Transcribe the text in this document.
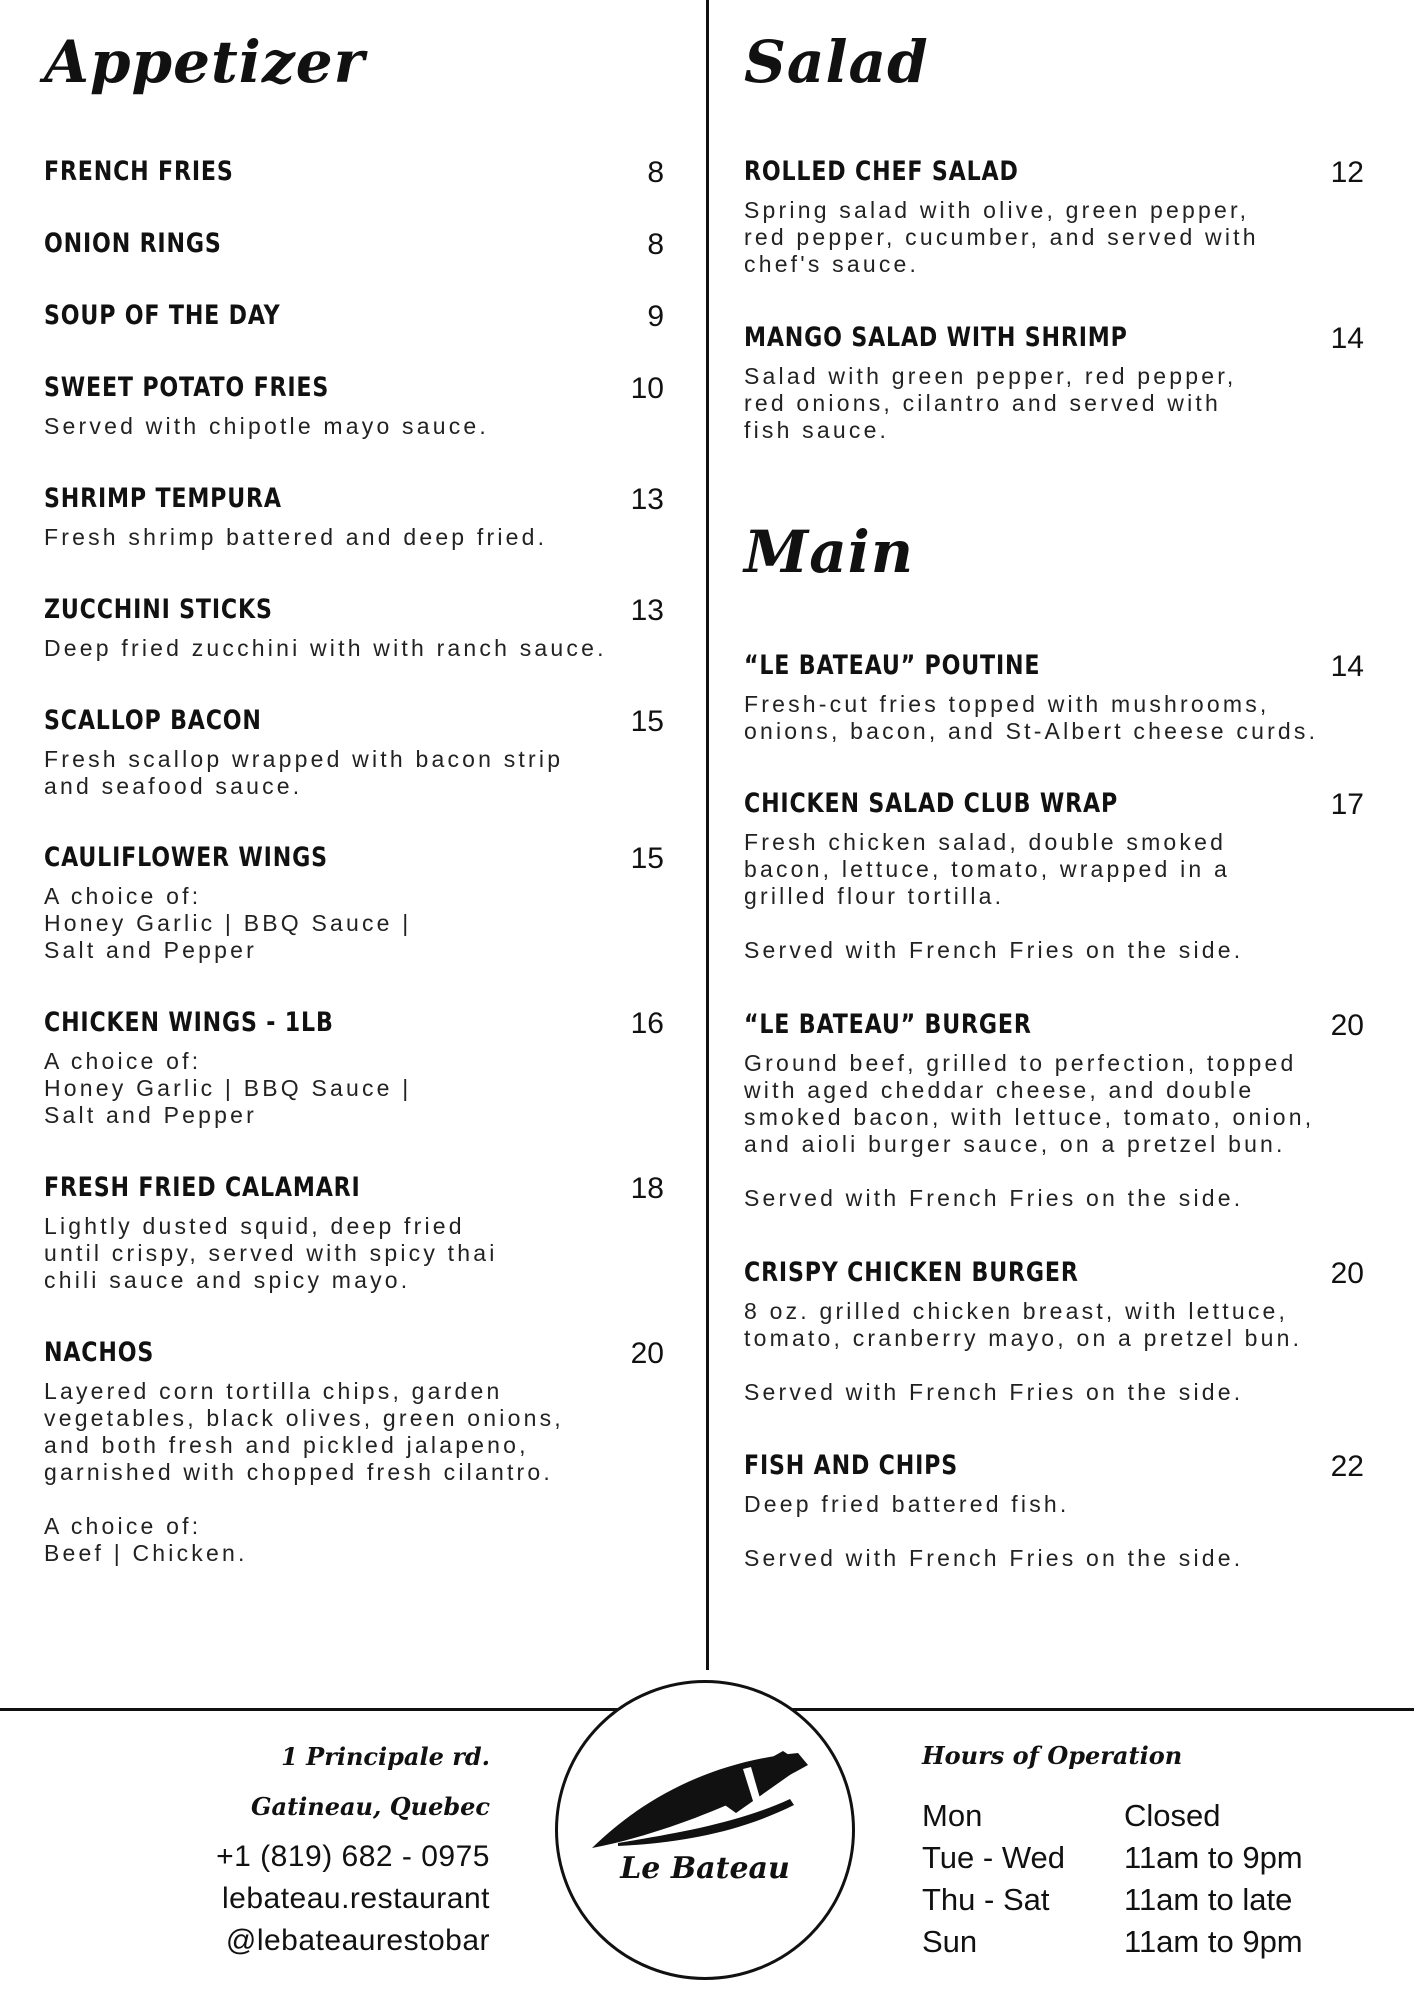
Appetizer
FRENCH FRIES	8
ONION RINGS	8
SOUP OF THE DAY	9
SWEET POTATO FRIES	10
Served with chipotle mayo sauce.
SHRIMP TEMPURA	13
Fresh shrimp battered and deep fried.
ZUCCHINI STICKS	13
Deep fried zucchini with with ranch sauce.
SCALLOP BACON	15
Fresh scallop wrapped with bacon strip
and seafood sauce.
CAULIFLOWER WINGS	15
A choice of:
Honey Garlic | BBQ Sauce |
Salt and Pepper
CHICKEN WINGS - 1LB	16
A choice of:
Honey Garlic | BBQ Sauce |
Salt and Pepper
FRESH FRIED CALAMARI	18
Lightly dusted squid, deep fried
until crispy, served with spicy thai
chili sauce and spicy mayo.
NACHOS	20
Layered corn tortilla chips, garden
vegetables, black olives, green onions,
and both fresh and pickled jalapeno,
garnished with chopped fresh cilantro.
A choice of:
Beef | Chicken.
Salad
ROLLED CHEF SALAD	12
Spring salad with olive, green pepper,
red pepper, cucumber, and served with
chef's sauce.
MANGO SALAD WITH SHRIMP	14
Salad with green pepper, red pepper,
red onions, cilantro and served with
fish sauce.
Main
“LE BATEAU” POUTINE	14
Fresh-cut fries topped with mushrooms,
onions, bacon, and St-Albert cheese curds.
CHICKEN SALAD CLUB WRAP	17
Fresh chicken salad, double smoked
bacon, lettuce, tomato, wrapped in a
grilled flour tortilla.
Served with French Fries on the side.
“LE BATEAU” BURGER	20
Ground beef, grilled to perfection, topped
with aged cheddar cheese, and double
smoked bacon, with lettuce, tomato, onion,
and aioli burger sauce, on a pretzel bun.
Served with French Fries on the side.
CRISPY CHICKEN BURGER	20
8 oz. grilled chicken breast, with lettuce,
tomato, cranberry mayo, on a pretzel bun.
Served with French Fries on the side.
FISH AND CHIPS	22
Deep fried battered fish.
Served with French Fries on the side.
1 Principale rd.
Gatineau, Quebec
+1 (819) 682 - 0975
lebateau.restaurant
@lebateaurestobar
Le Bateau
Hours of Operation
Mon	Closed
Tue - Wed 11am to 9pm
Thu - Sat 11am to late
Sun	11am to 9pm
